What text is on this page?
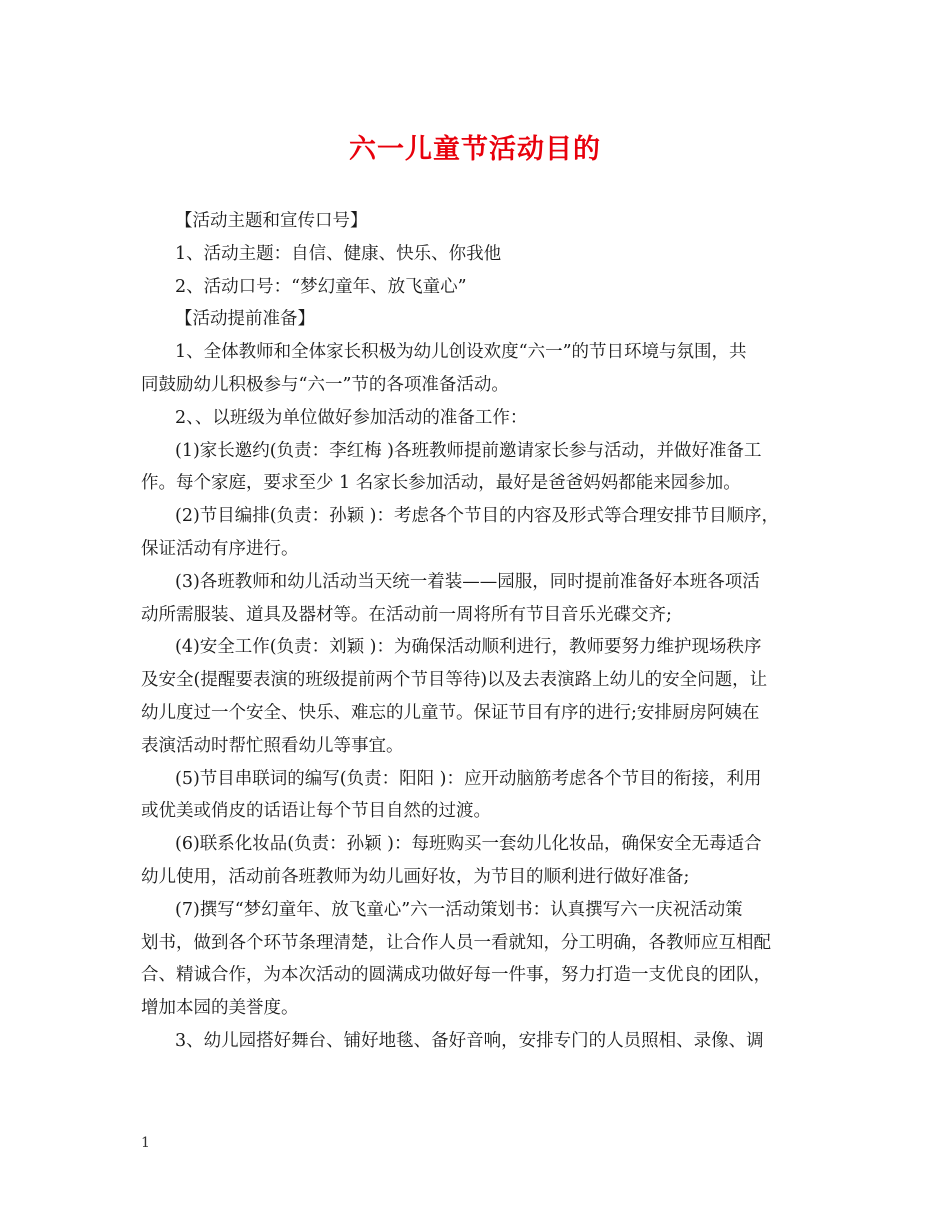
六一儿童节活动目的
【活动主题和宣传口号】
1、活动主题：自信、健康、快乐、你我他
2、活动口号：“梦幻童年、放飞童心”
【活动提前准备】
1、全体教师和全体家长积极为幼儿创设欢度“六一”的节日环境与氛围，共
同鼓励幼儿积极参与“六一”节的各项准备活动。
2、、以班级为单位做好参加活动的准备工作：
(1)家长邀约(负责：李红梅 )各班教师提前邀请家长参与活动，并做好准备工
作。每个家庭，要求至少 1 名家长参加活动，最好是爸爸妈妈都能来园参加。
(2)节目编排(负责：孙颖 )：考虑各个节目的内容及形式等合理安排节目顺序，
保证活动有序进行。
(3)各班教师和幼儿活动当天统一着装——园服，同时提前准备好本班各项活
动所需服装、道具及器材等。在活动前一周将所有节目音乐光碟交齐;
(4)安全工作(负责：刘颖 )：为确保活动顺利进行，教师要努力维护现场秩序
及安全(提醒要表演的班级提前两个节目等待)以及去表演路上幼儿的安全问题，让
幼儿度过一个安全、快乐、难忘的儿童节。保证节目有序的进行;安排厨房阿姨在
表演活动时帮忙照看幼儿等事宜。
(5)节目串联词的编写(负责：阳阳 )：应开动脑筋考虑各个节目的衔接，利用
或优美或俏皮的话语让每个节目自然的过渡。
(6)联系化妆品(负责：孙颖 )：每班购买一套幼儿化妆品，确保安全无毒适合
幼儿使用，活动前各班教师为幼儿画好妆，为节目的顺利进行做好准备;
(7)撰写“梦幻童年、放飞童心”六一活动策划书：认真撰写六一庆祝活动策
划书，做到各个环节条理清楚，让合作人员一看就知，分工明确，各教师应互相配
合、精诚合作，为本次活动的圆满成功做好每一件事，努力打造一支优良的团队，
增加本园的美誉度。
3、幼儿园搭好舞台、铺好地毯、备好音响，安排专门的人员照相、录像、调
1
